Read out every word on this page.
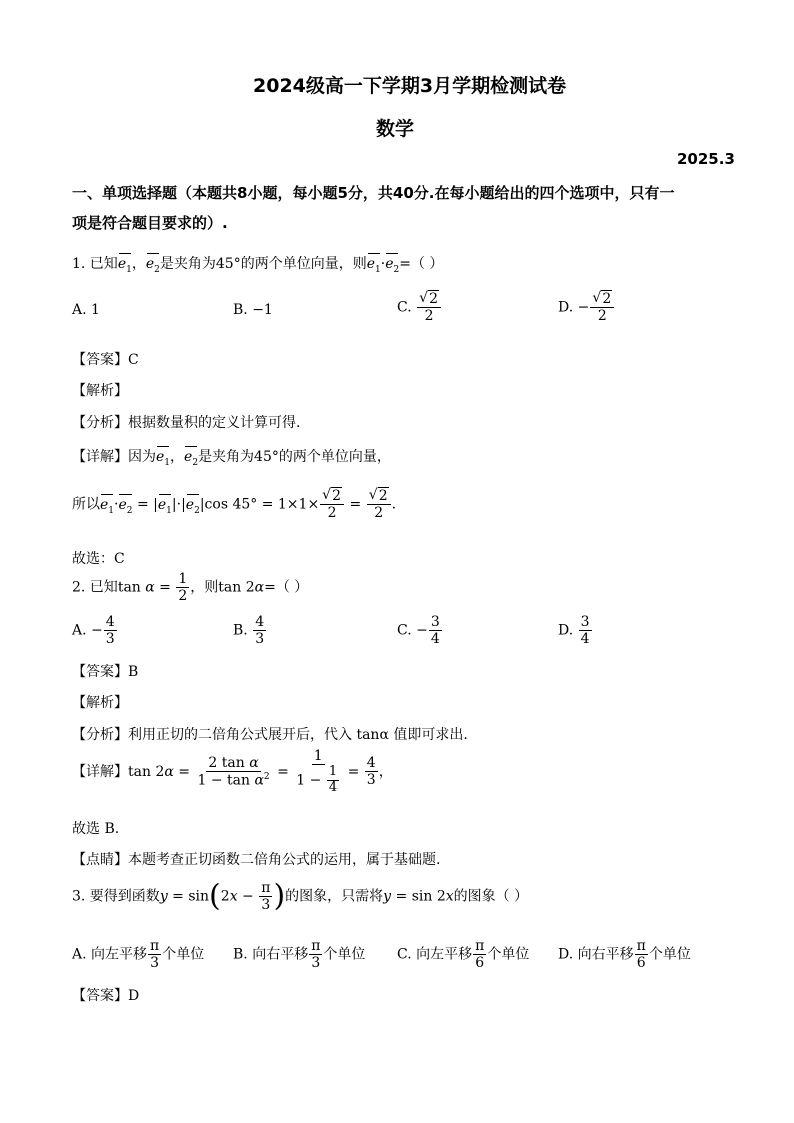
2024级高一下学期3月学期检测试卷
数学
2025.3
一、单项选择题（本题共8小题，每小题5分，共40分.在每小题给出的四个选项中，只有一
项是符合题目要求的）.
1. 已知$e_1$，$e_2$是夹角为45°的两个单位向量，则$e_1\cdot e_2=$（ ）
A. 1	B. −1	C. √ $\frac{2}{2}$	D. − √ $\frac{2}{2}$
【答案】C
【解析】
【分析】根据数量积的定义计算可得.
【详解】因为$e_1$，$e_2$是夹角为45°的两个单位向量，
所以$e_1\cdot e_2 = |e_1|\cdot|e_2|\cos$ 45° = 1×1× √ $\frac{2}{2}$ = √ $\frac{2}{2}$ .
故选：C
2. 已知$\tan \alpha = \frac{1}{2}$ ，则tan 2α=（ ）
A. − $\frac{4}{3}$	B. $\frac{4}{3}$	C. − $\frac{3}{4}$	D. $\frac{3}{4}$
【答案】B
【解析】
【分析】利用正切的二倍角公式展开后，代入 tanα 值即可求出.
【详解】$\tan 2\alpha = \frac{\text{2 tan α}}{1 - \tan \alpha^2} = \frac{1}{1 - \frac{1}{4}} = \frac{4}{3}$ ，
故选 B.
【点睛】本题考查正切函数二倍角公式的运用，属于基础题.
3. 要得到函数$y = \sin(2x - \frac{\pi}{3}$ )的图象，只需将y = sin 2x的图象（ ）
A. 向左平移 $\frac{\pi}{3}$ 个单位 B. 向右平移 $\frac{\pi}{3}$ 个单位 C. 向左平移 $\frac{\pi}{6}$ 个单位 D. 向右平移 $\frac{\pi}{6}$ 个单位
【答案】D
